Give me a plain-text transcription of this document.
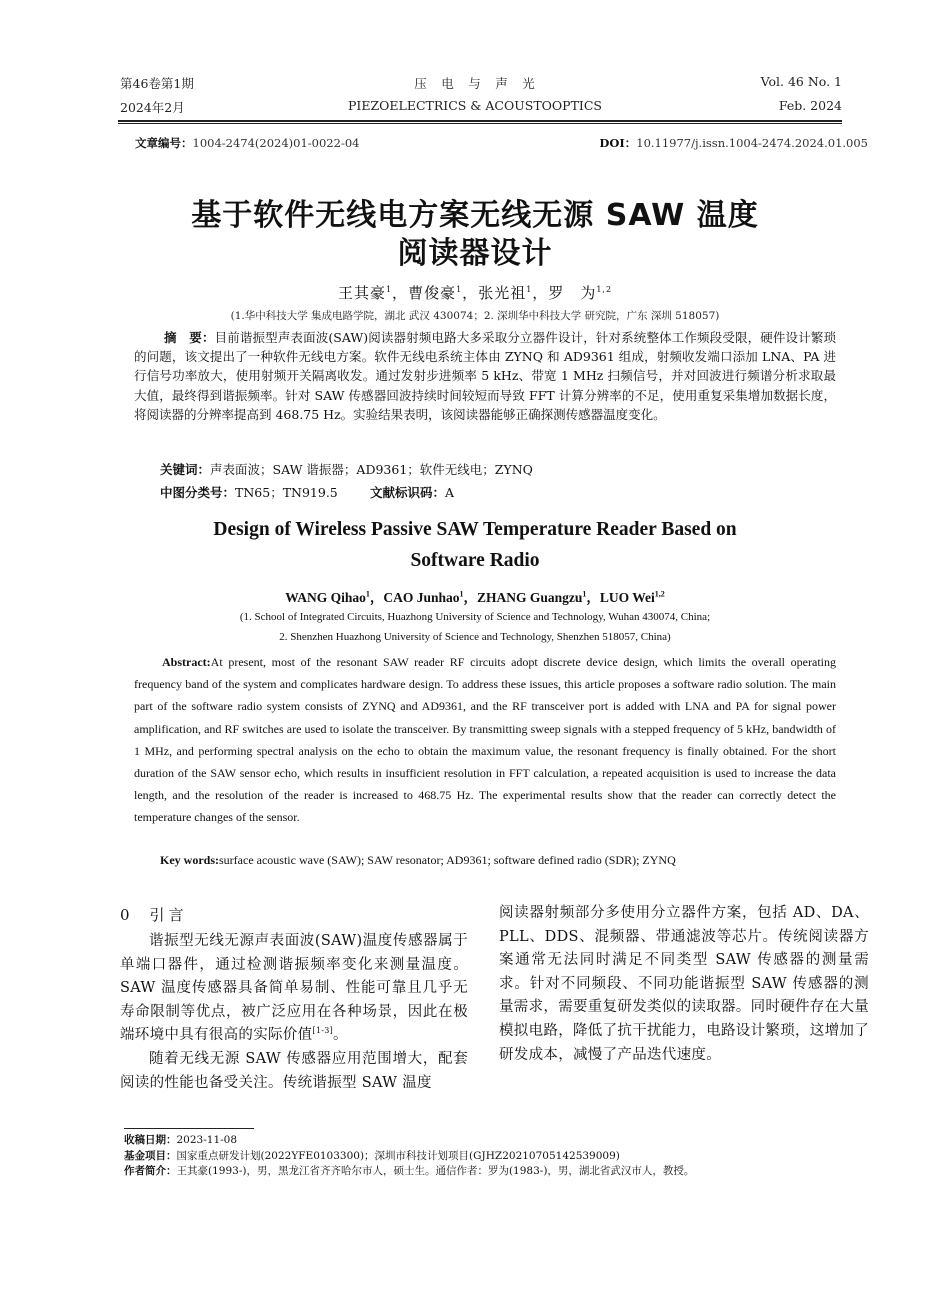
第46卷第1期
2024年2月
压　电　与　声　光
PIEZOELECTRICS & ACOUSTOOPTICS
Vol. 46 No. 1
Feb. 2024
文章编号：1004-2474(2024)01-0022-04	DOI：10.11977/j.issn.1004-2474.2024.01.005
基于软件无线电方案无线无源 SAW 温度
阅读器设计
王其豪$^1$，曹俊豪$^1$，张光祖$^1$，罗　为$^{1,2}$
(1.华中科技大学 集成电路学院，湖北 武汉 430074；2. 深圳华中科技大学 研究院，广东 深圳 518057)
摘　要：目前谐振型声表面波(SAW)阅读器射频电路大多采取分立器件设计，针对系统整体工作频段受限，硬件设计繁琐的问题，该文提出了一种软件无线电方案。软件无线电系统主体由 ZYNQ 和 AD9361 组成，射频收发端口添加 LNA、PA 进行信号功率放大，使用射频开关隔离收发。通过发射步进频率 5 kHz、带宽 1 MHz 扫频信号，并对回波进行频谱分析求取最大值，最终得到谐振频率。针对 SAW 传感器回波持续时间较短而导致 FFT 计算分辨率的不足，使用重复采集增加数据长度，将阅读器的分辨率提高到 468.75 Hz。实验结果表明，该阅读器能够正确探测传感器温度变化。
关键词：声表面波；SAW 谐振器；AD9361；软件无线电；ZYNQ
中图分类号：TN65；TN919.5	文献标识码：A
Design of Wireless Passive SAW Temperature Reader Based on
Software Radio
WANG Qihao$^1$，CAO Junhao$^1$，ZHANG Guangzu$^1$，LUO Wei$^{1,2}$
(1. School of Integrated Circuits, Huazhong University of Science and Technology, Wuhan 430074, China;
2. Shenzhen Huazhong University of Science and Technology, Shenzhen 518057, China)
Abstract:At present, most of the resonant SAW reader RF circuits adopt discrete device design, which limits the overall operating frequency band of the system and complicates hardware design. To address these issues, this article proposes a software radio solution. The main part of the software radio system consists of ZYNQ and AD9361, and the RF transceiver port is added with LNA and PA for signal power amplification, and RF switches are used to isolate the transceiver. By transmitting sweep signals with a stepped frequency of 5 kHz, bandwidth of 1 MHz, and performing spectral analysis on the echo to obtain the maximum value, the resonant frequency is finally obtained. For the short duration of the SAW sensor echo, which results in insufficient resolution in FFT calculation, a repeated acquisition is used to increase the data length, and the resolution of the reader is increased to 468.75 Hz. The experimental results show that the reader can correctly detect the temperature changes of the sensor.
Key words:surface acoustic wave (SAW); SAW resonator; AD9361; software defined radio (SDR); ZYNQ
0 引言

谐振型无线无源声表面波(SAW)温度传感器属于单端口器件，通过检测谐振频率变化来测量温度。SAW 温度传感器具备简单易制、性能可靠且几乎无寿命限制等优点，被广泛应用在各种场景，因此在极端环境中具有很高的实际价值[1-3]。

随着无线无源 SAW 传感器应用范围增大，配套阅读的性能也备受关注。传统谐振型 SAW 温度

阅读器射频部分多使用分立器件方案，包括 AD、DA、PLL、DDS、混频器、带通滤波等芯片。传统阅读器方案通常无法同时满足不同类型 SAW 传感器的测量需求。针对不同频段、不同功能谐振型 SAW 传感器的测量需求，需要重复研发类似的读取器。同时硬件存在大量模拟电路，降低了抗干扰能力，电路设计繁琐，这增加了研发成本，减慢了产品迭代速度。

收稿日期：2023-11-08
基金项目：国家重点研发计划(2022YFE0103300)；深圳市科技计划项目(GJHZ20210705142539009)
作者简介：王其豪(1993-)，男，黑龙江省齐齐哈尔市人，硕士生。通信作者：罗为(1983-)，男，湖北省武汉市人，教授。
